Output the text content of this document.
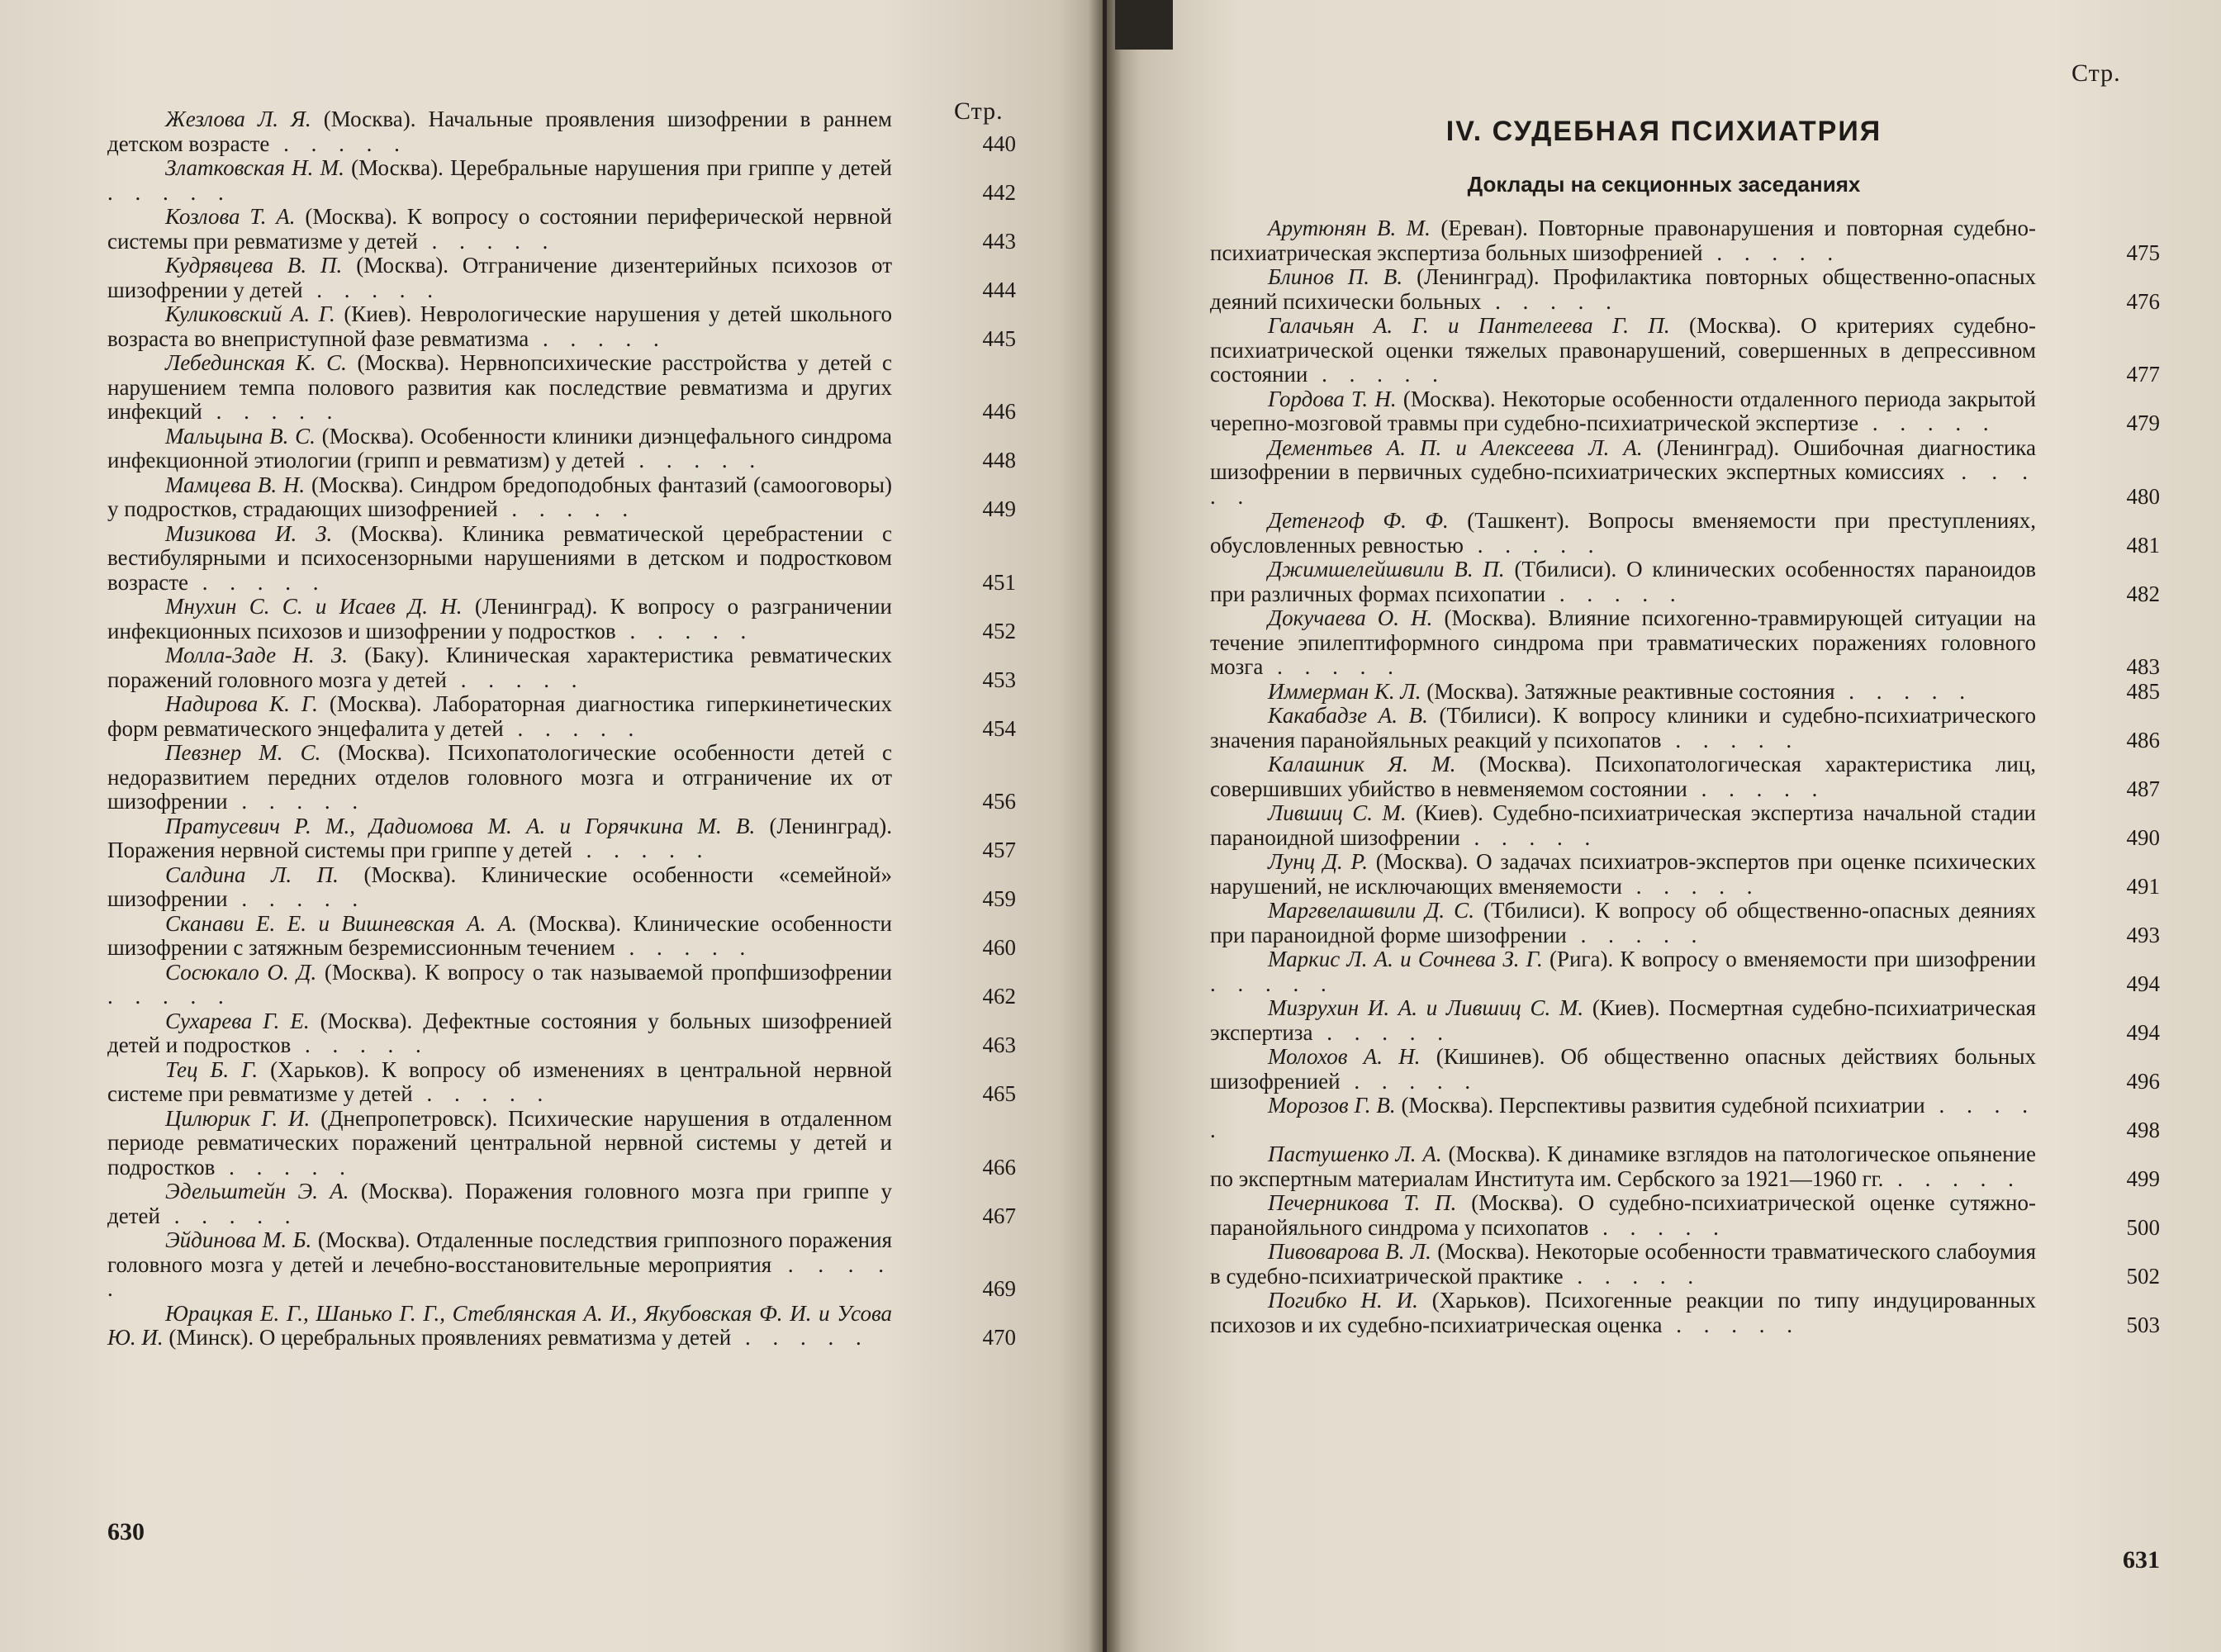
Стр.
Жезлова Л. Я. (Москва). Начальные проявления шизофрении в раннем детском возрасте . . . . .	440
Златковская Н. М. (Москва). Церебральные нарушения при гриппе у детей . . . . .	442
Козлова Т. А. (Москва). К вопросу о состоянии периферической нервной системы при ревматизме у детей . . . . .	443
Кудрявцева В. П. (Москва). Отграничение дизентерийных психозов от шизофрении у детей . . . . .	444
Куликовский А. Г. (Киев). Неврологические нарушения у детей школьного возраста во внеприступной фазе ревматизма . . . . .	445
Лебединская К. С. (Москва). Нервнопсихические расстройства у детей с нарушением темпа полового развития как последствие ревматизма и других инфекций . . . . .	446
Мальцына В. С. (Москва). Особенности клиники диэнцефального синдрома инфекционной этиологии (грипп и ревматизм) у детей . . . . .	448
Мамцева В. Н. (Москва). Синдром бредоподобных фантазий (самооговоры) у подростков, страдающих шизофренией . . . . .	449
Мизикова И. З. (Москва). Клиника ревматической церебрастении с вестибулярными и психосензорными нарушениями в детском и подростковом возрасте . . . . .	451
Мнухин С. С. и Исаев Д. Н. (Ленинград). К вопросу о разграничении инфекционных психозов и шизофрении у подростков . . . . .	452
Молла-Заде Н. З. (Баку). Клиническая характеристика ревматических поражений головного мозга у детей . . . . .	453
Надирова К. Г. (Москва). Лабораторная диагностика гиперкинетических форм ревматического энцефалита у детей . . . . .	454
Певзнер М. С. (Москва). Психопатологические особенности детей с недоразвитием передних отделов головного мозга и отграничение их от шизофрении . . . . .	456
Пратусевич Р. М., Дадиомова М. А. и Горячкина М. В. (Ленинград). Поражения нервной системы при гриппе у детей . . . . .	457
Салдина Л. П. (Москва). Клинические особенности «семейной» шизофрении . . . . .	459
Сканави Е. Е. и Вишневская А. А. (Москва). Клинические особенности шизофрении с затяжным безремиссионным течением . . . . .	460
Сосюкало О. Д. (Москва). К вопросу о так называемой пропфшизофрении . . . . .	462
Сухарева Г. Е. (Москва). Дефектные состояния у больных шизофренией детей и подростков . . . . .	463
Тец Б. Г. (Харьков). К вопросу об изменениях в центральной нервной системе при ревматизме у детей . . . . .	465
Цилюрик Г. И. (Днепропетровск). Психические нарушения в отдаленном периоде ревматических поражений центральной нервной системы у детей и подростков . . . . .	466
Эдельштейн Э. А. (Москва). Поражения головного мозга при гриппе у детей . . . . .	467
Эйдинова М. Б. (Москва). Отдаленные последствия гриппозного поражения головного мозга у детей и лечебно-восстановительные мероприятия . . . . .	469
Юрацкая Е. Г., Шанько Г. Г., Стеблянская А. И., Якубовская Ф. И. и Усова Ю. И. (Минск). О церебральных проявлениях ревматизма у детей . . . . .	470
630
Стр.
IV. СУДЕБНАЯ ПСИХИАТРИЯ
Доклады на секционных заседаниях
Арутюнян В. М. (Ереван). Повторные правонарушения и повторная судебно-психиатрическая экспертиза больных шизофренией . . . . .	475
Блинов П. В. (Ленинград). Профилактика повторных общественно-опасных деяний психически больных . . . . .	476
Галачьян А. Г. и Пантелеева Г. П. (Москва). О критериях судебно-психиатрической оценки тяжелых правонарушений, совершенных в депрессивном состоянии . . . . .	477
Гордова Т. Н. (Москва). Некоторые особенности отдаленного периода закрытой черепно-мозговой травмы при судебно-психиатрической экспертизе . . . . .	479
Дементьев А. П. и Алексеева Л. А. (Ленинград). Ошибочная диагностика шизофрении в первичных судебно-психиатрических экспертных комиссиях . . . . .	480
Детенгоф Ф. Ф. (Ташкент). Вопросы вменяемости при преступлениях, обусловленных ревностью . . . . .	481
Джимшелейшвили В. П. (Тбилиси). О клинических особенностях параноидов при различных формах психопатии . . . . .	482
Докучаева О. Н. (Москва). Влияние психогенно-травмирующей ситуации на течение эпилептиформного синдрома при травматических поражениях головного мозга . . . . .	483
Иммерман К. Л. (Москва). Затяжные реактивные состояния . . . . .	485
Какабадзе А. В. (Тбилиси). К вопросу клиники и судебно-психиатрического значения паранойяльных реакций у психопатов . . . . .	486
Калашник Я. М. (Москва). Психопатологическая характеристика лиц, совершивших убийство в невменяемом состоянии . . . . .	487
Лившиц С. М. (Киев). Судебно-психиатрическая экспертиза начальной стадии параноидной шизофрении . . . . .	490
Лунц Д. Р. (Москва). О задачах психиатров-экспертов при оценке психических нарушений, не исключающих вменяемости . . . . .	491
Маргвелашвили Д. С. (Тбилиси). К вопросу об общественно-опасных деяниях при параноидной форме шизофрении . . . . .	493
Маркис Л. А. и Сочнева З. Г. (Рига). К вопросу о вменяемости при шизофрении . . . . .	494
Мизрухин И. А. и Лившиц С. М. (Киев). Посмертная судебно-психиатрическая экспертиза . . . . .	494
Молохов А. Н. (Кишинев). Об общественно опасных действиях больных шизофренией . . . . .	496
Морозов Г. В. (Москва). Перспективы развития судебной психиатрии . . . . .	498
Пастушенко Л. А. (Москва). К динамике взглядов на патологическое опьянение по экспертным материалам Института им. Сербского за 1921—1960 гг. . . . . .	499
Печерникова Т. П. (Москва). О судебно-психиатрической оценке сутяжно-паранойяльного синдрома у психопатов . . . . .	500
Пивоварова В. Л. (Москва). Некоторые особенности травматического слабоумия в судебно-психиатрической практике . . . . .	502
Погибко Н. И. (Харьков). Психогенные реакции по типу индуцированных психозов и их судебно-психиатрическая оценка . . . . .	503
631
